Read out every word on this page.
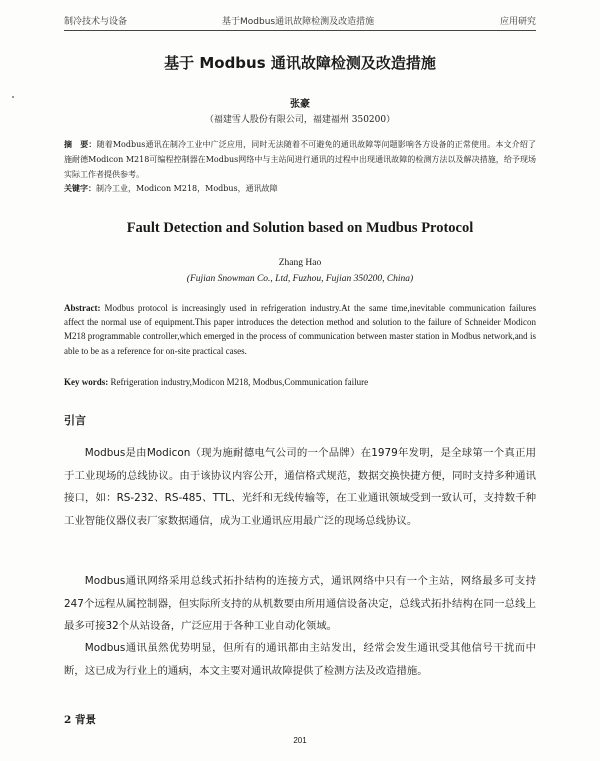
制冷技术与设备	基于Modbus通讯故障检测及改造措施	应用研究
基于 Modbus 通讯故障检测及改造措施
张豪
（福建雪人股份有限公司，福建福州 350200）
摘　要：随着Modbus通讯在制冷工业中广泛应用，同时无法随着不可避免的通讯故障等问题影响各方设备的正常使用。本文介绍了施耐德Modicon M218可编程控制器在Modbus网络中与主站间进行通讯的过程中出现通讯故障的检测方法以及解决措施，给予现场实际工作者提供参考。
关键字：制冷工业，Modicon M218，Modbus，通讯故障
Fault Detection and Solution based on Mudbus Protocol
Zhang Hao
(Fujian Snowman Co., Ltd, Fuzhou, Fujian 350200, China)
Abstract: Modbus protocol is increasingly used in refrigeration industry.At the same time,inevitable communication failures affect the normal use of equipment.This paper introduces the detection method and solution to the failure of Schneider Modicon M218 programmable controller,which emerged in the process of communication between master station in Modbus network,and is able to be as a reference for on-site practical cases.
Key words: Refrigeration industry,Modicon M218, Modbus,Communication failure
引言
Modbus是由Modicon（现为施耐德电气公司的一个品牌）在1979年发明，是全球第一个真正用于工业现场的总线协议。由于该协议内容公开，通信格式规范，数据交换快捷方便，同时支持多种通讯接口，如：RS-232、RS-485、TTL、光纤和无线传输等，在工业通讯领域受到一致认可，支持数千种工业智能仪器仪表厂家数据通信，成为工业通讯应用最广泛的现场总线协议。
Modbus通讯网络采用总线式拓扑结构的连接方式，通讯网络中只有一个主站，网络最多可支持247个远程从属控制器，但实际所支持的从机数要由所用通信设备决定，总线式拓扑结构在同一总线上最多可接32个从站设备，广泛应用于各种工业自动化领域。
Modbus通讯虽然优势明显，但所有的通讯都由主站发出，经常会发生通讯受其他信号干扰而中断，这已成为行业上的通病，本文主要对通讯故障提供了检测方法及改造措施。
2 背景
201
